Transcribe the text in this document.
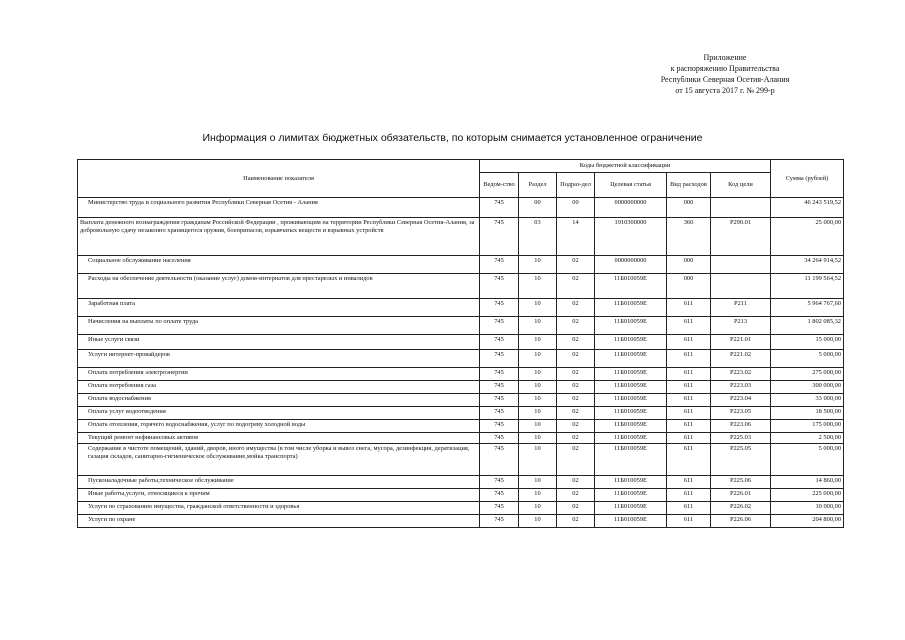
Приложение
к распоряжению Правительства
Республики Северная Осетия-Алания
от 15 августа 2017 г. № 299-р
Информация о лимитах бюджетных обязательств, по которым снимается установленное ограничение
Наименование показателя	Коды бюджетной классификации						Сумма (рублей)
	Ведом-ство	Раздел	Подраз-дел	Целевая статья	Вид расходов	Код цели	
Министерство труда и социального развития Республики Северная Осетия - Алания	745	00	00	0000000000	000		46 243 519,52
Выплата денежного вознаграждения гражданам Российской Федерации , проживающим на территории Республики Северная Осетия-Алания, за добровольную сдачу незаконно хранящегося оружия, боеприпасов, взрывчатых веществ и взрывных устройств	745	03	14	1910300000	360	P290.01	25 000,00
Социальное обслуживание населения	745	10	02	0000000000	000		34 264 914,52
Расходы на обеспечение деятельности (оказание услуг) домов-интернатов для престарелых и инвалидов	745	10	02	11Б010059Е	000		11 199 564,52
Заработная плата	745	10	02	11Б010059Е	611	P211	5 964 767,60
Начисления на выплаты по оплате труда	745	10	02	11Б010059Е	611	P213	1 802 085,32
Иные услуги связи	745	10	02	11Б010059Е	611	P221.01	15 000,00
Услуги интернет-провайдеров	745	10	02	11Б010059Е	611	P221.02	5 000,00
Оплата потребления электроэнергии	745	10	02	11Б010059Е	611	P223.02	275 000,00
Оплата потребления газа	745	10	02	11Б010059Е	611	P223.03	300 000,00
Оплата водоснабжения	745	10	02	11Б010059Е	611	P223.04	33 000,00
Оплата услуг водоотведения	745	10	02	11Б010059Е	611	P223.05	18 500,00
Оплата отопления, горячего водоснабжения, услуг по подогреву холодной воды	745	10	02	11Б010059Е	611	P223.06	175 000,00
Текущий ремонт нефинансовых активов	745	10	02	11Б010059Е	611	P225.03	2 500,00
Содержание в чистоте помещений, зданий, дворов, иного имущества (в том числе уборка и вывоз снега, мусора, дезинфекция, дератизация, газация складов, санитарно-гигиеническое обслуживание,мойка транспорта)	745	10	02	11Б010059Е	611	P225.05	5 000,00
Пусконаладочные работы,техническое обслуживание	745	10	02	11Б010059Е	611	P225.06	14 860,00
Иные работы,услуги, относящиеся к прочим	745	10	02	11Б010059Е	611	P226.01	225 000,00
Услуги по страхованию имущества, гражданской ответственности и здоровья	745	10	02	11Б010059Е	611	P226.02	10 000,00
Услуги по охране	745	10	02	11Б010059Е	611	P226.06	204 800,00
